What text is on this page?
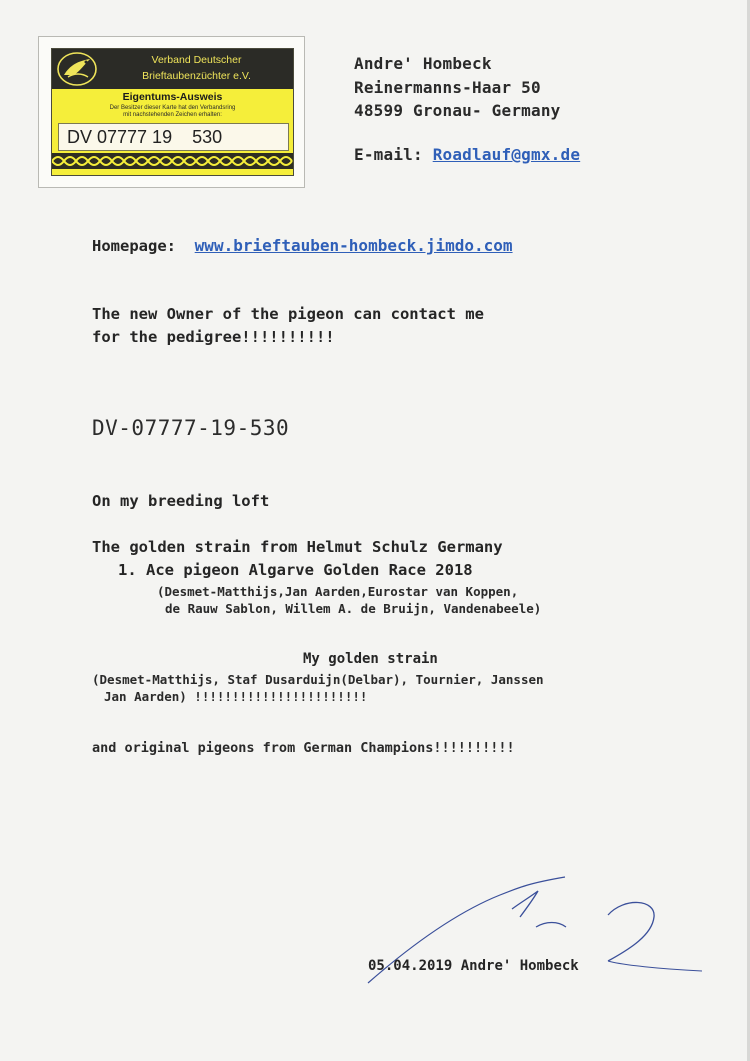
Verband Deutscher
Brieftaubenzüchter e.V.
Eigentums-Ausweis
Der Besitzer dieser Karte hat den Verbandsring
mit nachstehenden Zeichen erhalten:
DV 07777 19    530
Andre' Hombeck
Reinermanns-Haar 50
48599 Gronau- Germany
E-mail: Roadlauf@gmx.de
Homepage: www.brieftauben-hombeck.jimdo.com
The new Owner of the pigeon can contact me
for the pedigree!!!!!!!!!!
DV-07777-19-530
On my breeding loft
The golden strain from Helmut Schulz Germany
1. Ace pigeon Algarve Golden Race 2018
(Desmet-Matthijs,Jan Aarden,Eurostar van Koppen,
de Rauw Sablon, Willem A. de Bruijn, Vandenabeele)
My golden strain
(Desmet-Matthijs, Staf Dusarduijn(Delbar), Tournier, Janssen
Jan Aarden) !!!!!!!!!!!!!!!!!!!!!!!
and original pigeons from German Champions!!!!!!!!!!
05.04.2019 Andre' Hombeck
